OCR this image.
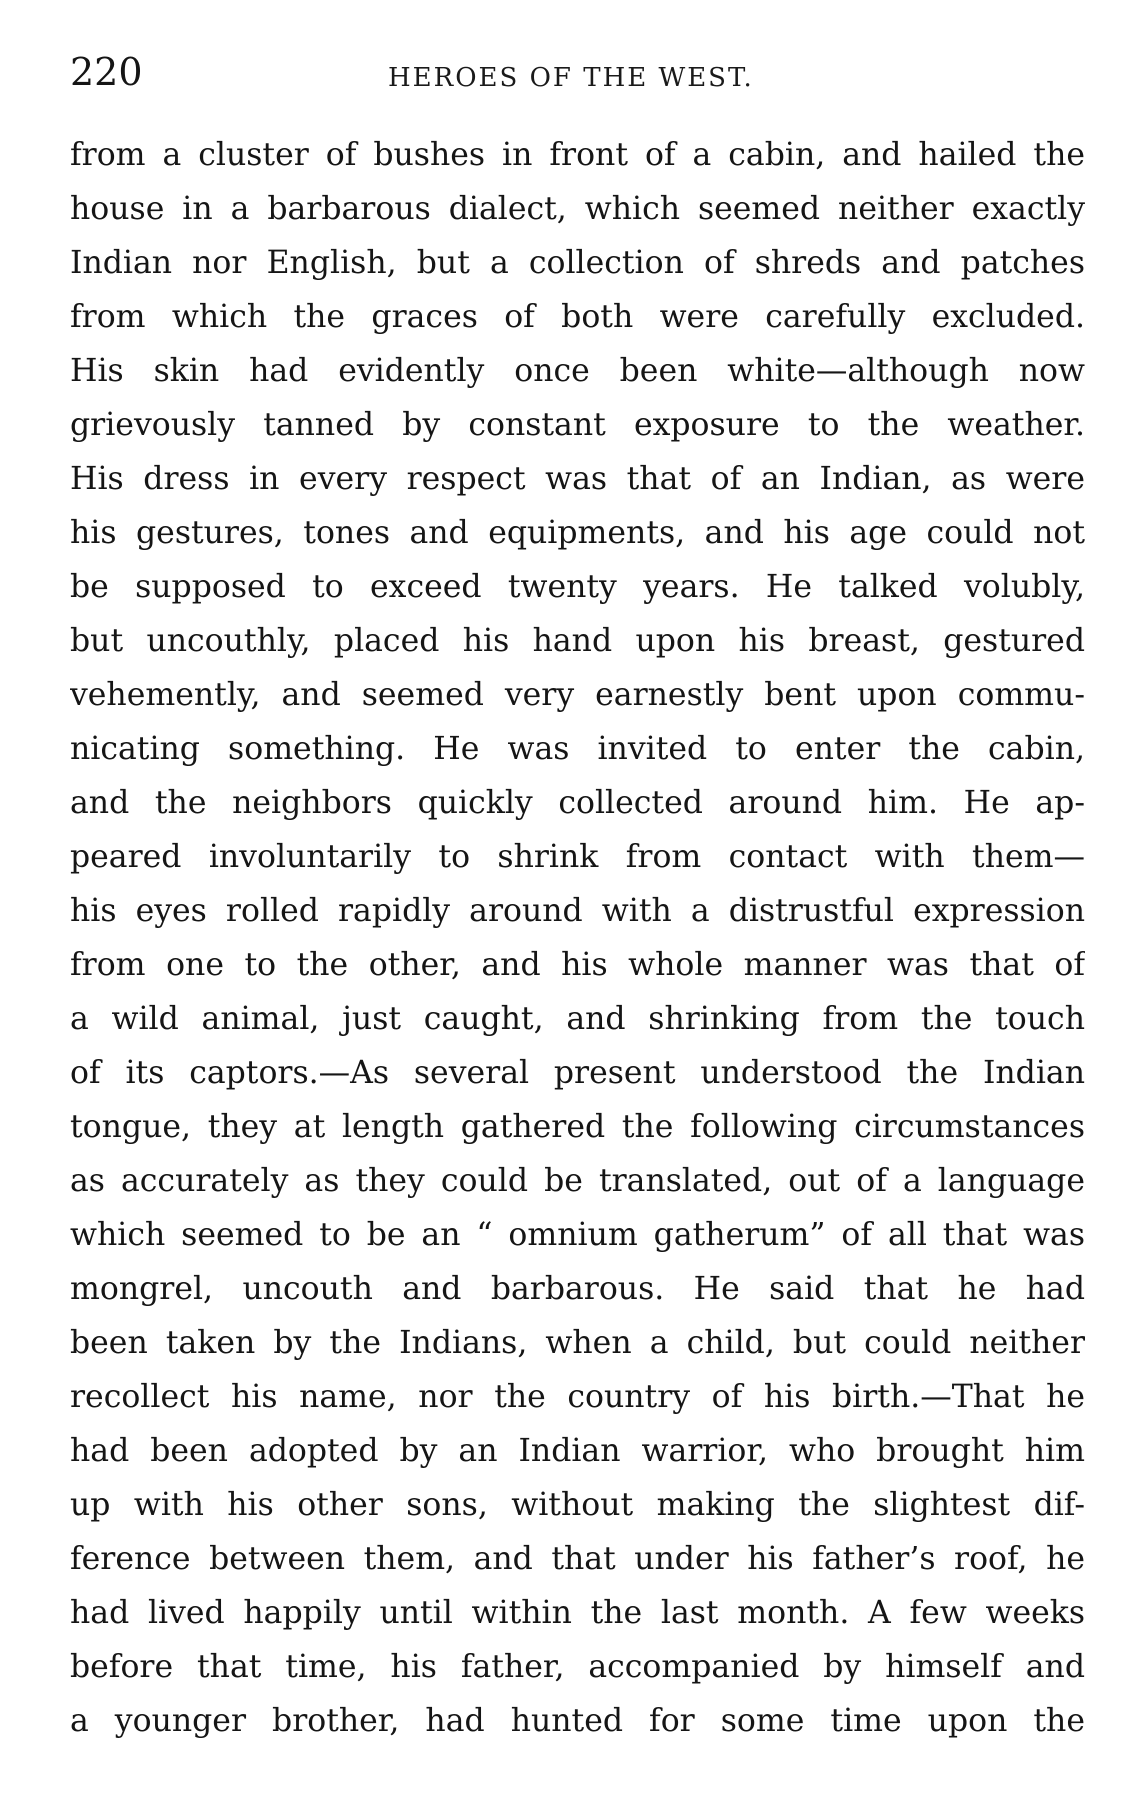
220	HEROES OF THE WEST.
from a cluster of bushes in front of a cabin, and hailed the
house in a barbarous dialect, which seemed neither exactly
Indian nor English, but a collection of shreds and patches
from which the graces of both were carefully excluded.
His skin had evidently once been white—although now
grievously tanned by constant exposure to the weather.
His dress in every respect was that of an Indian, as were
his gestures, tones and equipments, and his age could not
be supposed to exceed twenty years. He talked volubly,
but uncouthly, placed his hand upon his breast, gestured
vehemently, and seemed very earnestly bent upon commu-
nicating something. He was invited to enter the cabin,
and the neighbors quickly collected around him. He ap-
peared involuntarily to shrink from contact with them—
his eyes rolled rapidly around with a distrustful expression
from one to the other, and his whole manner was that of
a wild animal, just caught, and shrinking from the touch
of its captors.—As several present understood the Indian
tongue, they at length gathered the following circumstances
as accurately as they could be translated, out of a language
which seemed to be an “ omnium gatherum” of all that was
mongrel, uncouth and barbarous. He said that he had
been taken by the Indians, when a child, but could neither
recollect his name, nor the country of his birth.—That he
had been adopted by an Indian warrior, who brought him
up with his other sons, without making the slightest dif-
ference between them, and that under his father’s roof, he
had lived happily until within the last month. A few weeks
before that time, his father, accompanied by himself and
a younger brother, had hunted for some time upon the
